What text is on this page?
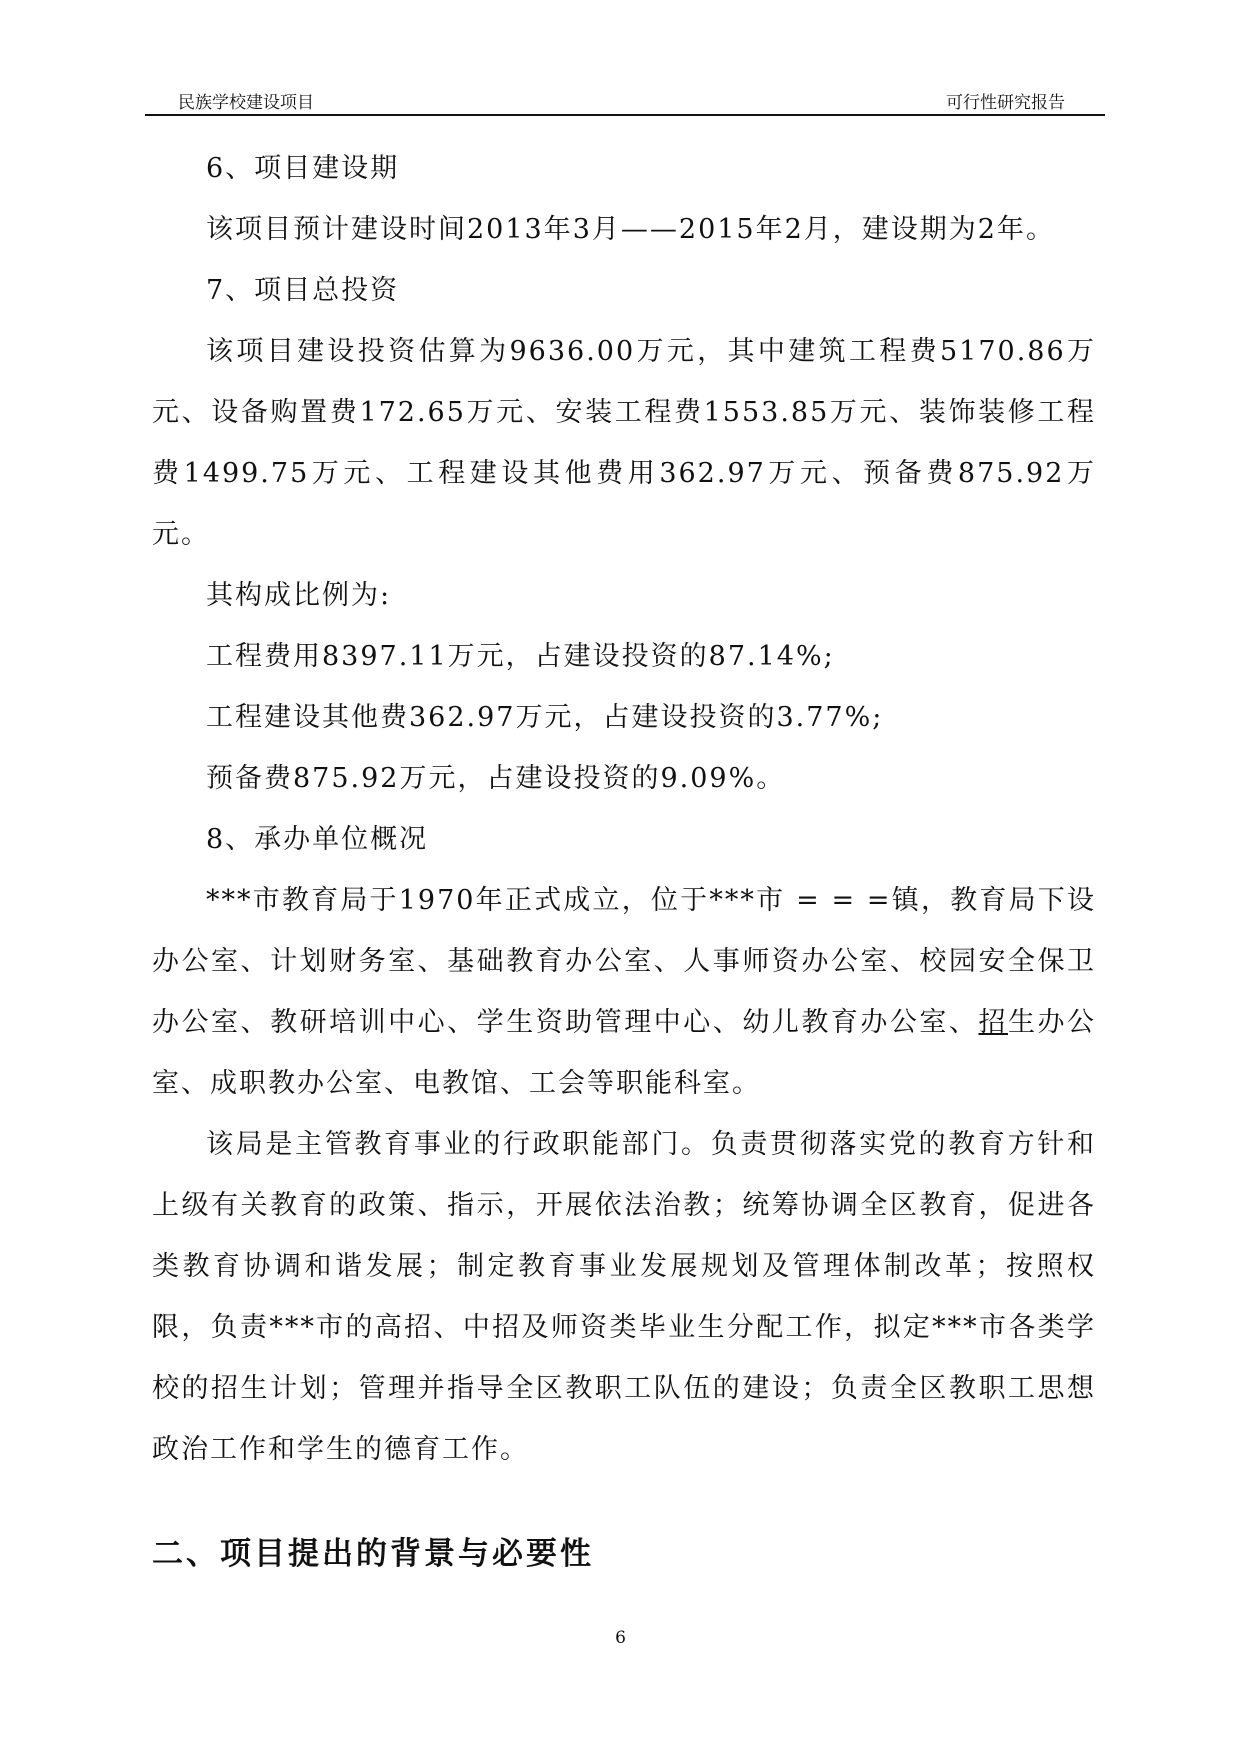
民族学校建设项目	可行性研究报告

6、项目建设期

该项目预计建设时间2013年3月——2015年2月，建设期为2年。

7、项目总投资

该项目建设投资估算为9636.00万元，其中建筑工程费5170.86万元、设备购置费172.65万元、安装工程费1553.85万元、装饰装修工程费1499.75万元、工程建设其他费用362.97万元、预备费875.92万元。

其构成比例为:

工程费用8397.11万元，占建设投资的87.14%;

工程建设其他费362.97万元，占建设投资的3.77%;

预备费875.92万元，占建设投资的9.09%。

8、承办单位概况

***市教育局于1970年正式成立，位于***市 = = =镇，教育局下设办公室、计划财务室、基础教育办公室、人事师资办公室、校园安全保卫办公室、教研培训中心、学生资助管理中心、幼儿教育办公室、招生办公室、成职教办公室、电教馆、工会等职能科室。

该局是主管教育事业的行政职能部门。负责贯彻落实党的教育方针和上级有关教育的政策、指示，开展依法治教；统筹协调全区教育，促进各类教育协调和谐发展；制定教育事业发展规划及管理体制改革；按照权限，负责***市的高招、中招及师资类毕业生分配工作，拟定***市各类学校的招生计划；管理并指导全区教职工队伍的建设；负责全区教职工思想政治工作和学生的德育工作。

二、项目提出的背景与必要性
6
